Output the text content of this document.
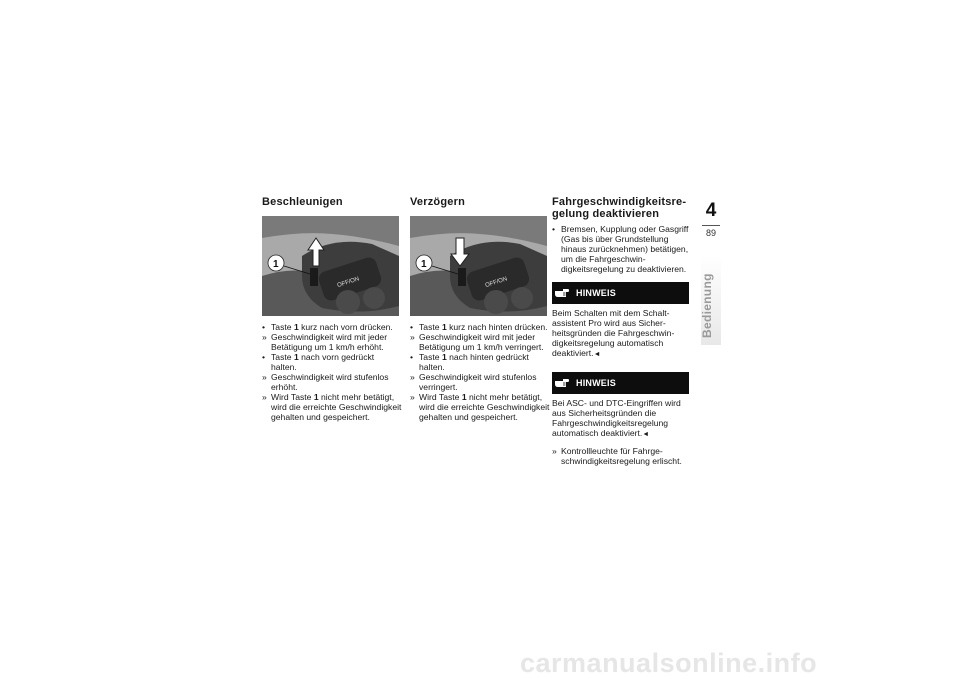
Beschleunigen
OFF/ON
1
• Taste 1 kurz nach vorn drücken.
» Geschwindigkeit wird mit jeder Betätigung um 1 km/h erhöht.
• Taste 1 nach vorn gedrückt halten.
» Geschwindigkeit wird stufenlos erhöht.
» Wird Taste 1 nicht mehr betätigt, wird die erreichte Geschwindigkeit gehalten und gespeichert.
Verzögern
OFF/ON
1
• Taste 1 kurz nach hinten drücken.
» Geschwindigkeit wird mit jeder Betätigung um 1 km/h verringert.
• Taste 1 nach hinten gedrückt halten.
» Geschwindigkeit wird stufenlos verringert.
» Wird Taste 1 nicht mehr betätigt, wird die erreichte Geschwindigkeit gehalten und gespeichert.
Fahrgeschwindigkeitsregelung deaktivieren
• Bremsen, Kupplung oder Gasgriff (Gas bis über Grundstellung hinaus zurücknehmen) betätigen, um die Fahrgeschwindigkeitsregelung zu deaktivieren.
HINWEIS

Beim Schalten mit dem Schaltassistent Pro wird aus Sicherheitsgründen die Fahrgeschwindigkeitsregelung automatisch deaktiviert.◄

HINWEIS

Bei ASC- und DTC-Eingriffen wird aus Sicherheitsgründen die Fahrgeschwindigkeitsregelung automatisch deaktiviert.◄

» Kontrollleuchte für Fahrgeschwindigkeitsregelung erlischt.
4
89
Bedienung
carmanualsonline.info
